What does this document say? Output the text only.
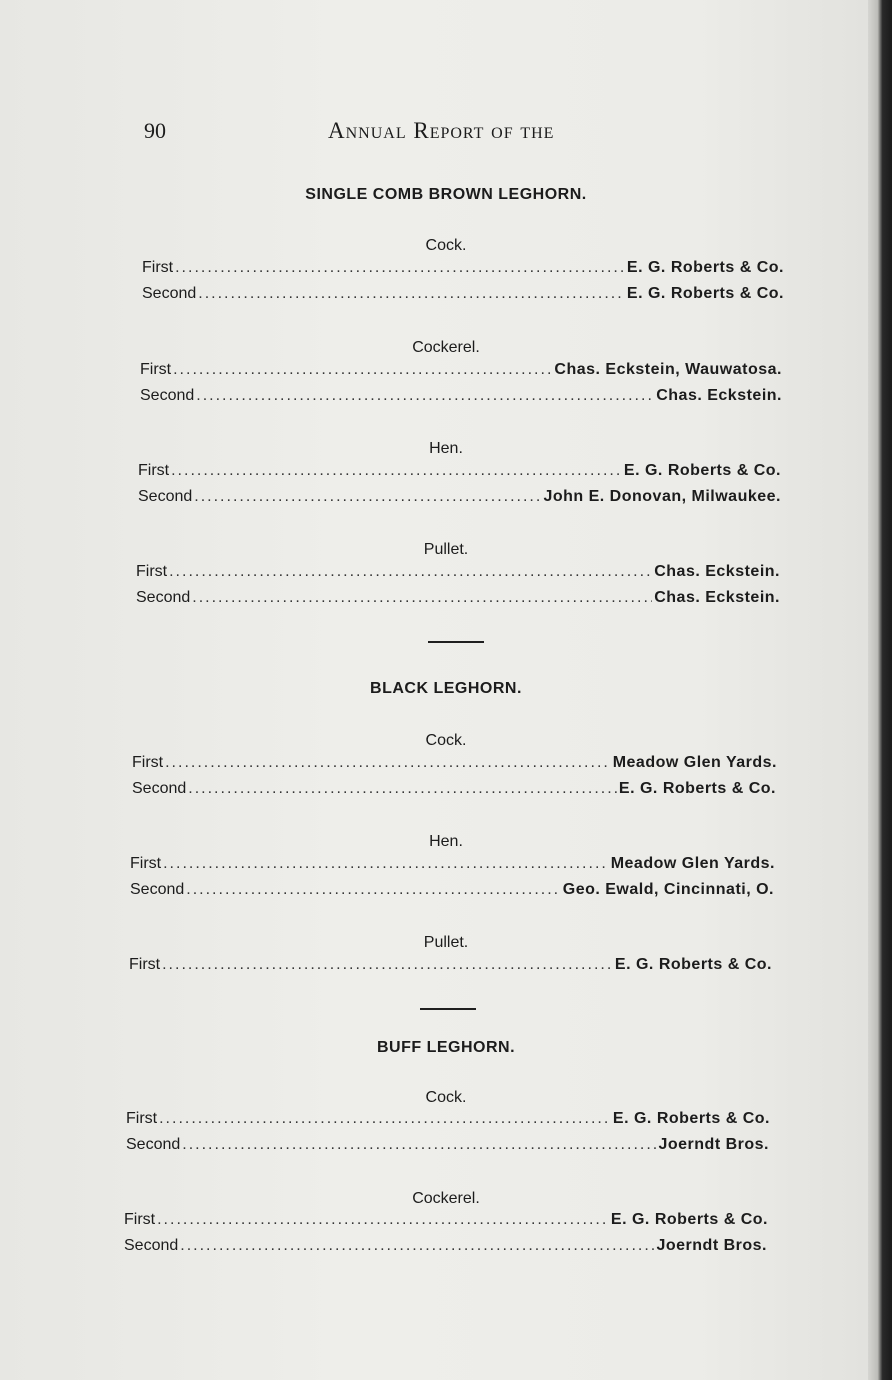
90	Annual Report of the
SINGLE COMB BROWN LEGHORN.
Cock.
First .....	E. G. Roberts & Co.
Second .....	E. G. Roberts & Co.
Cockerel.
First .....	Chas. Eckstein, Wauwatosa.
Second .....	Chas. Eckstein.
Hen.
First .....	E. G. Roberts & Co.
Second .....	John E. Donovan, Milwaukee.
Pullet.
First .....	Chas. Eckstein.
Second .....	Chas. Eckstein.
BLACK LEGHORN.
Cock.
First .....	Meadow Glen Yards.
Second .....	E. G. Roberts & Co.
Hen.
First .....	Meadow Glen Yards.
Second .....	Geo. Ewald, Cincinnati, O.
Pullet.
First .....	E. G. Roberts & Co.
BUFF LEGHORN.
Cock.
First .....	E. G. Roberts & Co.
Second .....	Joerndt Bros.
Cockerel.
First .....	E. G. Roberts & Co.
Second .....	Joerndt Bros.
